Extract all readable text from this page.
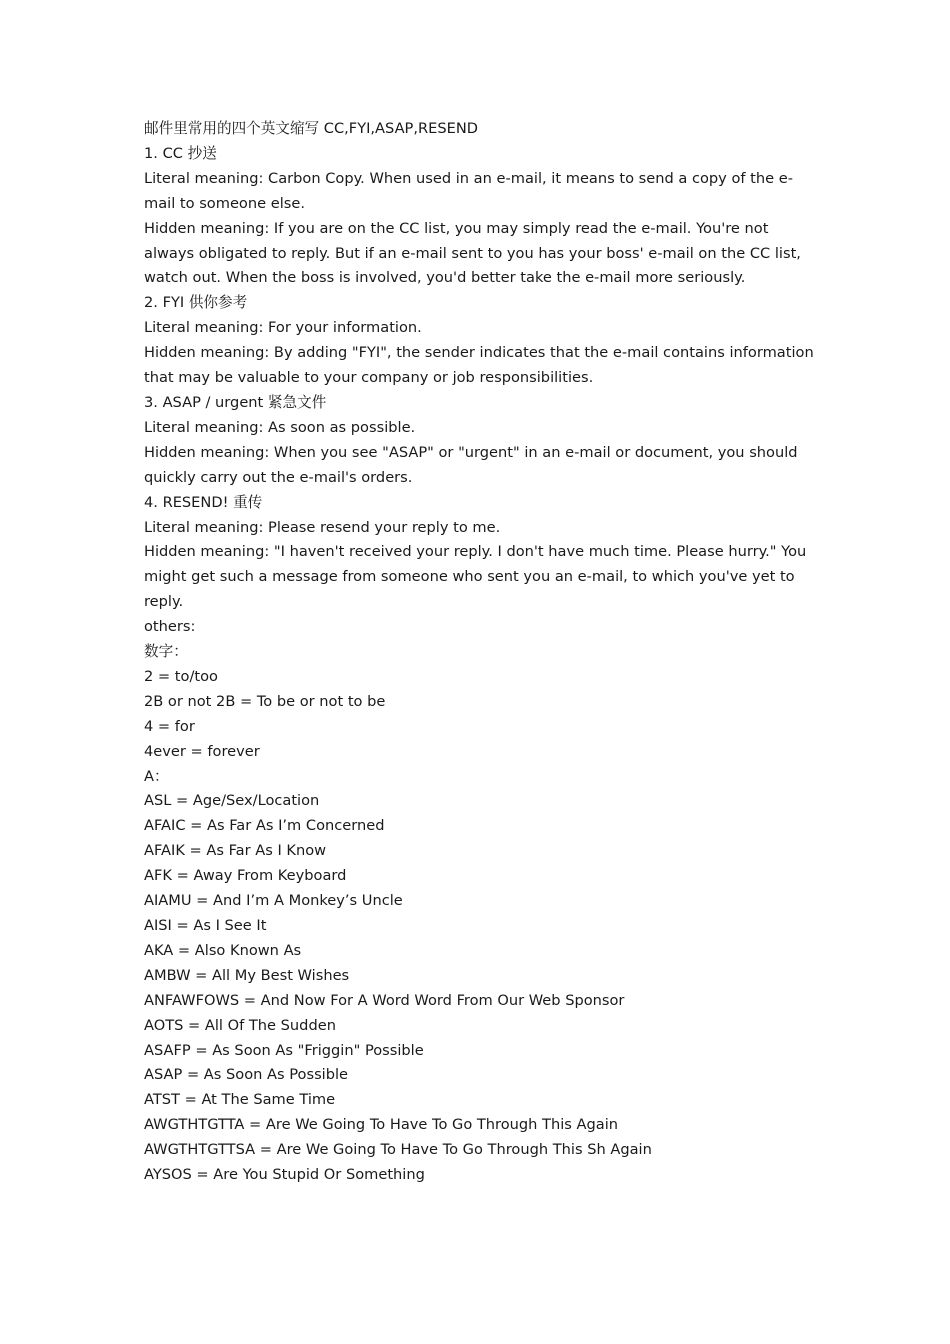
邮件里常用的四个英文缩写 CC,FYI,ASAP,RESEND
1. CC 抄送
Literal meaning: Carbon Copy. When used in an e-mail, it means to send a copy of the e-mail to someone else.
Hidden meaning: If you are on the CC list, you may simply read the e-mail. You're not always obligated to reply. But if an e-mail sent to you has your boss' e-mail on the CC list, watch out. When the boss is involved, you'd better take the e-mail more seriously.
2. FYI 供你参考
Literal meaning: For your information.
Hidden meaning: By adding "FYI", the sender indicates that the e-mail contains information that may be valuable to your company or job responsibilities.
3. ASAP / urgent 紧急文件
Literal meaning: As soon as possible.
Hidden meaning: When you see "ASAP" or "urgent" in an e-mail or document, you should quickly carry out the e-mail's orders.
4. RESEND! 重传
Literal meaning: Please resend your reply to me.
Hidden meaning: "I haven't received your reply. I don't have much time. Please hurry." You might get such a message from someone who sent you an e-mail, to which you've yet to reply.
others:
数字：
2 = to/too
2B or not 2B = To be or not to be
4 = for
4ever = forever
A：
ASL = Age/Sex/Location
AFAIC = As Far As I’m Concerned
AFAIK = As Far As I Know
AFK = Away From Keyboard
AIAMU = And I’m A Monkey’s Uncle
AISI = As I See It
AKA = Also Known As
AMBW = All My Best Wishes
ANFAWFOWS = And Now For A Word Word From Our Web Sponsor
AOTS = All Of The Sudden
ASAFP = As Soon As "Friggin" Possible
ASAP = As Soon As Possible
ATST = At The Same Time
AWGTHTGTTA = Are We Going To Have To Go Through This Again
AWGTHTGTTSA = Are We Going To Have To Go Through This Sh Again
AYSOS = Are You Stupid Or Something
